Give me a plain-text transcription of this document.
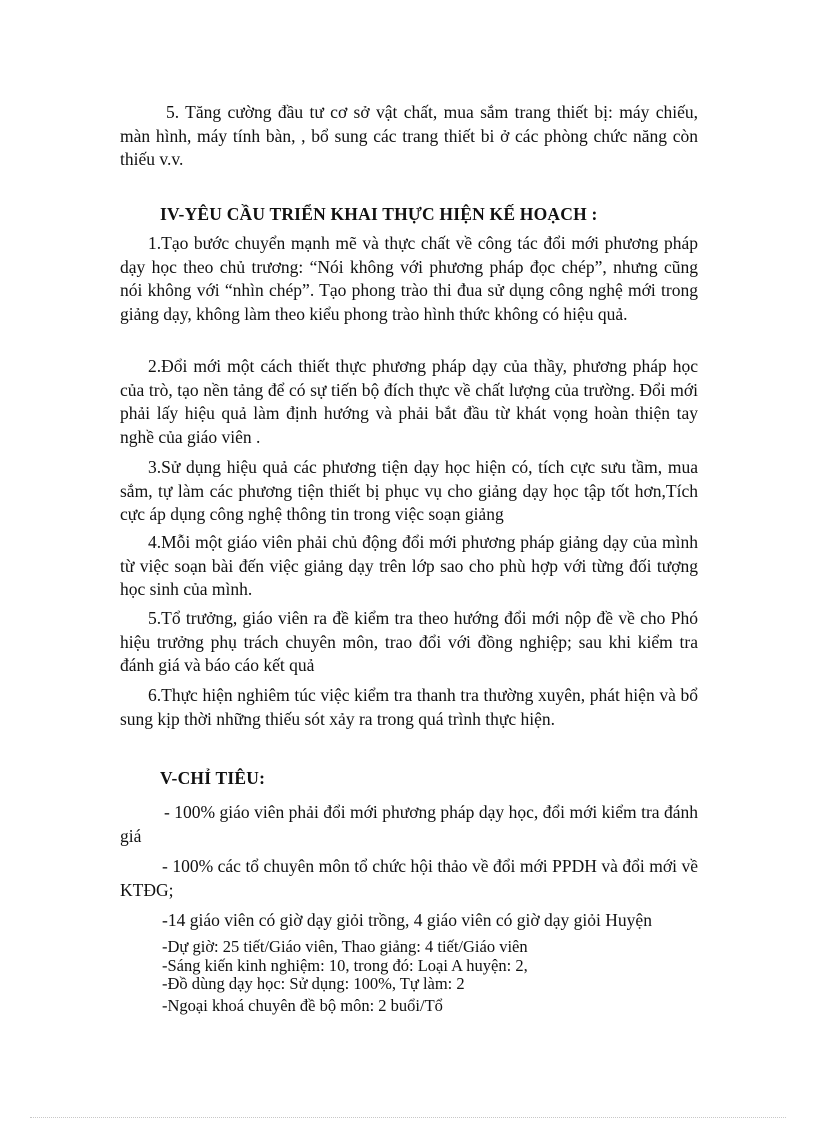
5. Tăng cường đầu tư cơ sở vật chất, mua sắm trang thiết bị: máy chiếu, màn hình, máy tính bàn, , bổ sung các trang thiết bi ở các phòng chức năng còn thiếu v.v.

IV-YÊU CẦU TRIỂN KHAI THỰC HIỆN KẾ HOẠCH :

1.Tạo bước chuyển mạnh mẽ và thực chất về công tác đổi mới phương pháp dạy học theo chủ trương: “Nói không với phương pháp đọc chép”, nhưng cũng nói không với “nhìn chép”. Tạo phong trào thi đua sử dụng công nghệ mới trong giảng dạy, không làm theo kiểu phong trào hình thức không có hiệu quả.

2.Đổi mới một cách thiết thực phương pháp dạy của thầy, phương pháp học của trò, tạo nền tảng để có sự tiến bộ đích thực về chất lượng của trường. Đổi mới phải lấy hiệu quả làm định hướng và phải bắt đầu từ khát vọng hoàn thiện tay nghề của giáo viên .

3.Sử dụng hiệu quả các phương tiện dạy học hiện có, tích cực sưu tầm, mua sắm, tự làm các phương tiện thiết bị phục vụ cho giảng dạy học tập tốt hơn,Tích cực áp dụng công nghệ thông tin trong việc soạn giảng

4.Mỗi một giáo viên phải chủ động đổi mới phương pháp giảng dạy của mình từ việc soạn bài đến việc giảng dạy trên lớp sao cho phù hợp với từng đối tượng học sinh của mình.

5.Tổ trưởng, giáo viên ra đề kiểm tra theo hướng đổi mới nộp đề về cho Phó hiệu trưởng phụ trách chuyên môn, trao đổi với đồng nghiệp; sau khi kiểm tra đánh giá và báo cáo kết quả

6.Thực hiện nghiêm túc việc kiểm tra thanh tra thường xuyên, phát hiện và bổ sung kịp thời những thiếu sót xảy ra trong quá trình thực hiện.

V-CHỈ TIÊU:

- 100% giáo viên phải đổi mới phương pháp dạy học, đổi mới kiểm tra đánh giá

- 100% các tổ chuyên môn tổ chức hội thảo về đổi mới PPDH và đổi mới về KTĐG;

-14 giáo viên có giờ dạy giỏi trồng, 4 giáo viên có giờ dạy giỏi Huyện

-Dự giờ: 25 tiết/Giáo viên, Thao giảng: 4 tiết/Giáo viên
-Sáng kiến kinh nghiệm: 10, trong đó: Loại A huyện: 2,
-Đồ dùng dạy học: Sử dụng: 100%, Tự làm: 2
-Ngoại khoá chuyên đề bộ môn: 2 buổi/Tổ
